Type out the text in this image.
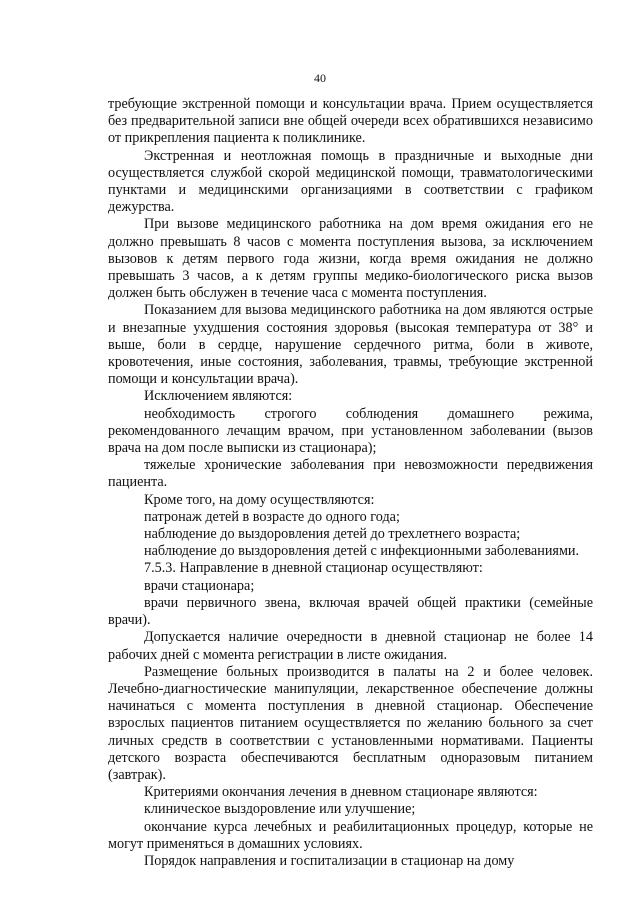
40

требующие экстренной помощи и консультации врача. Прием осуществляется без предварительной записи вне общей очереди всех обратившихся независимо от прикрепления пациента к поликлинике.

Экстренная и неотложная помощь в праздничные и выходные дни осуществляется службой скорой медицинской помощи, травматологическими пунктами и медицинскими организациями в соответствии с графиком дежурства.

При вызове медицинского работника на дом время ожидания его не должно превышать 8 часов с момента поступления вызова, за исключением вызовов к детям первого года жизни, когда время ожидания не должно превышать 3 часов, а к детям группы медико-биологического риска вызов должен быть обслужен в течение часа с момента поступления.

Показанием для вызова медицинского работника на дом являются острые и внезапные ухудшения состояния здоровья (высокая температура от 38° и выше, боли в сердце, нарушение сердечного ритма, боли в животе, кровотечения, иные состояния, заболевания, травмы, требующие экстренной помощи и консультации врача).

Исключением являются:

необходимость строгого соблюдения домашнего режима, рекомендованного лечащим врачом, при установленном заболевании (вызов врача на дом после выписки из стационара);

тяжелые хронические заболевания при невозможности передвижения пациента.

Кроме того, на дому осуществляются:

патронаж детей в возрасте до одного года;

наблюдение до выздоровления детей до трехлетнего возраста;

наблюдение до выздоровления детей с инфекционными заболеваниями.

7.5.3. Направление в дневной стационар осуществляют:

врачи стационара;

врачи первичного звена, включая врачей общей практики (семейные врачи).

Допускается наличие очередности в дневной стационар не более 14 рабочих дней с момента регистрации в листе ожидания.

Размещение больных производится в палаты на 2 и более человек. Лечебно-диагностические манипуляции, лекарственное обеспечение должны начинаться с момента поступления в дневной стационар. Обеспечение взрослых пациентов питанием осуществляется по желанию больного за счет личных средств в соответствии с установленными нормативами. Пациенты детского возраста обеспечиваются бесплатным одноразовым питанием (завтрак).

Критериями окончания лечения в дневном стационаре являются:

клиническое выздоровление или улучшение;

окончание курса лечебных и реабилитационных процедур, которые не могут применяться в домашних условиях.

Порядок направления и госпитализации в стационар на дому
